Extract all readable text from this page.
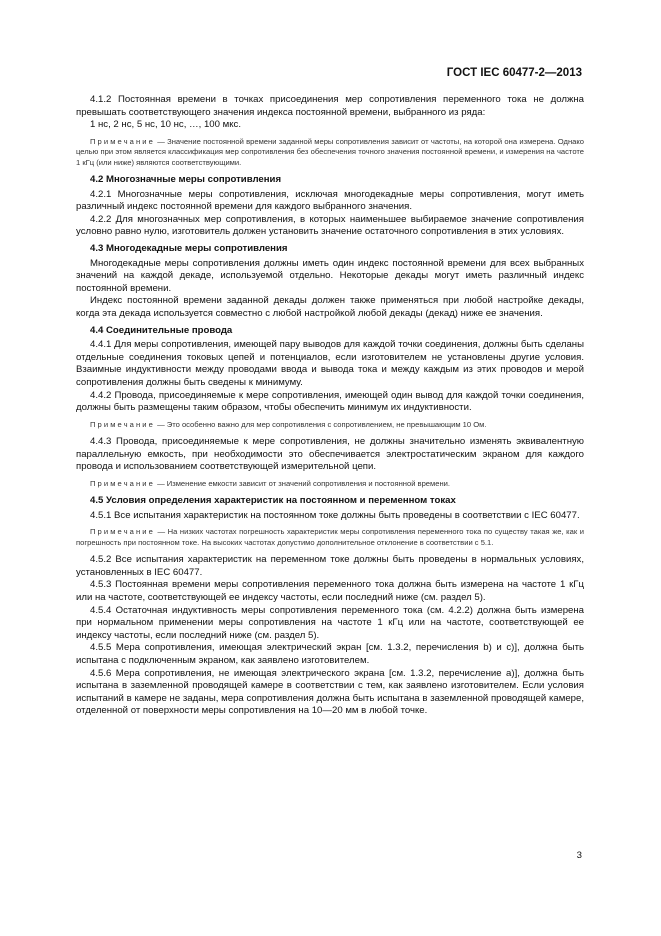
ГОСТ IEC 60477-2—2013

4.1.2 Постоянная времени в точках присоединения мер сопротивления переменного тока не должна превышать соответствующего значения индекса постоянной времени, выбранного из ряда:

1 нс, 2 нс, 5 нс, 10 нс, …, 100 мкс.

Примечание — Значение постоянной времени заданной меры сопротивления зависит от частоты, на которой она измерена. Однако целью при этом является классификация мер сопротивления без обеспечения точного значения постоянной времени, и измерения на частоте 1 кГц (или ниже) являются соответствующими.
4.2 Многозначные меры сопротивления

4.2.1 Многозначные меры сопротивления, исключая многодекадные меры сопротивления, могут иметь различный индекс постоянной времени для каждого выбранного значения.

4.2.2 Для многозначных мер сопротивления, в которых наименьшее выбираемое значение сопротивления условно равно нулю, изготовитель должен установить значение остаточного сопротивления в этих условиях.

4.3 Многодекадные меры сопротивления

Многодекадные меры сопротивления должны иметь один индекс постоянной времени для всех выбранных значений на каждой декаде, используемой отдельно. Некоторые декады могут иметь различный индекс постоянной времени.

Индекс постоянной времени заданной декады должен также применяться при любой настройке декады, когда эта декада используется совместно с любой настройкой любой декады (декад) ниже ее значения.

4.4 Соединительные провода

4.4.1 Для меры сопротивления, имеющей пару выводов для каждой точки соединения, должны быть сделаны отдельные соединения токовых цепей и потенциалов, если изготовителем не установлены другие условия. Взаимные индуктивности между проводами ввода и вывода тока и между каждым из этих проводов и мерой сопротивления должны быть сведены к минимуму.

4.4.2 Провода, присоединяемые к мере сопротивления, имеющей один вывод для каждой точки соединения, должны быть размещены таким образом, чтобы обеспечить минимум их индуктивности.

Примечание — Это особенно важно для мер сопротивления с сопротивлением, не превышающим 10 Ом.

4.4.3 Провода, присоединяемые к мере сопротивления, не должны значительно изменять эквивалентную параллельную емкость, при необходимости это обеспечивается электростатическим экраном для каждого провода и использованием соответствующей измерительной цепи.

Примечание — Изменение емкости зависит от значений сопротивления и постоянной времени.
4.5 Условия определения характеристик на постоянном и переменном токах

4.5.1 Все испытания характеристик на постоянном токе должны быть проведены в соответствии с IEC 60477.

Примечание — На низких частотах погрешность характеристик меры сопротивления переменного тока по существу такая же, как и погрешность при постоянном токе. На высоких частотах допустимо дополнительное отклонение в соответствии с 5.1.

4.5.2 Все испытания характеристик на переменном токе должны быть проведены в нормальных условиях, установленных в IEC 60477.

4.5.3 Постоянная времени меры сопротивления переменного тока должна быть измерена на частоте 1 кГц или на частоте, соответствующей ее индексу частоты, если последний ниже (см. раздел 5).

4.5.4 Остаточная индуктивность меры сопротивления переменного тока (см. 4.2.2) должна быть измерена при нормальном применении меры сопротивления на частоте 1 кГц или на частоте, соответствующей ее индексу частоты, если последний ниже (см. раздел 5).

4.5.5 Мера сопротивления, имеющая электрический экран [см. 1.3.2, перечисления b) и c)], должна быть испытана с подключенным экраном, как заявлено изготовителем.

4.5.6 Мера сопротивления, не имеющая электрического экрана [см. 1.3.2, перечисление a)], должна быть испытана в заземленной проводящей камере в соответствии с тем, как заявлено изготовителем. Если условия испытаний в камере не заданы, мера сопротивления должна быть испытана в заземленной проводящей камере, отделенной от поверхности меры сопротивления на 10—20 мм в любой точке.

3
